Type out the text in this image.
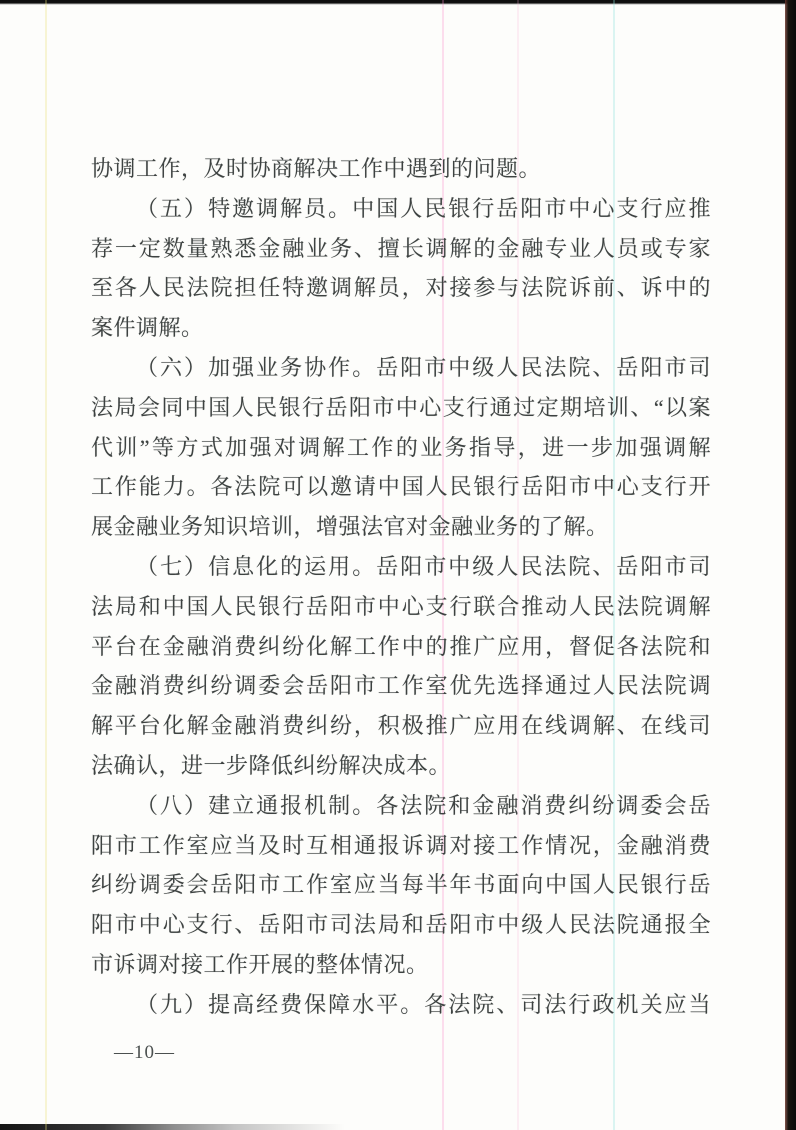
协调工作，及时协商解决工作中遇到的问题。
（五）特邀调解员。中国人民银行岳阳市中心支行应推
荐一定数量熟悉金融业务、擅长调解的金融专业人员或专家
至各人民法院担任特邀调解员，对接参与法院诉前、诉中的
案件调解。
（六）加强业务协作。岳阳市中级人民法院、岳阳市司
法局会同中国人民银行岳阳市中心支行通过定期培训、“以案
代训”等方式加强对调解工作的业务指导，进一步加强调解
工作能力。各法院可以邀请中国人民银行岳阳市中心支行开
展金融业务知识培训，增强法官对金融业务的了解。
（七）信息化的运用。岳阳市中级人民法院、岳阳市司
法局和中国人民银行岳阳市中心支行联合推动人民法院调解
平台在金融消费纠纷化解工作中的推广应用，督促各法院和
金融消费纠纷调委会岳阳市工作室优先选择通过人民法院调
解平台化解金融消费纠纷，积极推广应用在线调解、在线司
法确认，进一步降低纠纷解决成本。
（八）建立通报机制。各法院和金融消费纠纷调委会岳
阳市工作室应当及时互相通报诉调对接工作情况，金融消费
纠纷调委会岳阳市工作室应当每半年书面向中国人民银行岳
阳市中心支行、岳阳市司法局和岳阳市中级人民法院通报全
市诉调对接工作开展的整体情况。
（九）提高经费保障水平。各法院、司法行政机关应当
—10—
